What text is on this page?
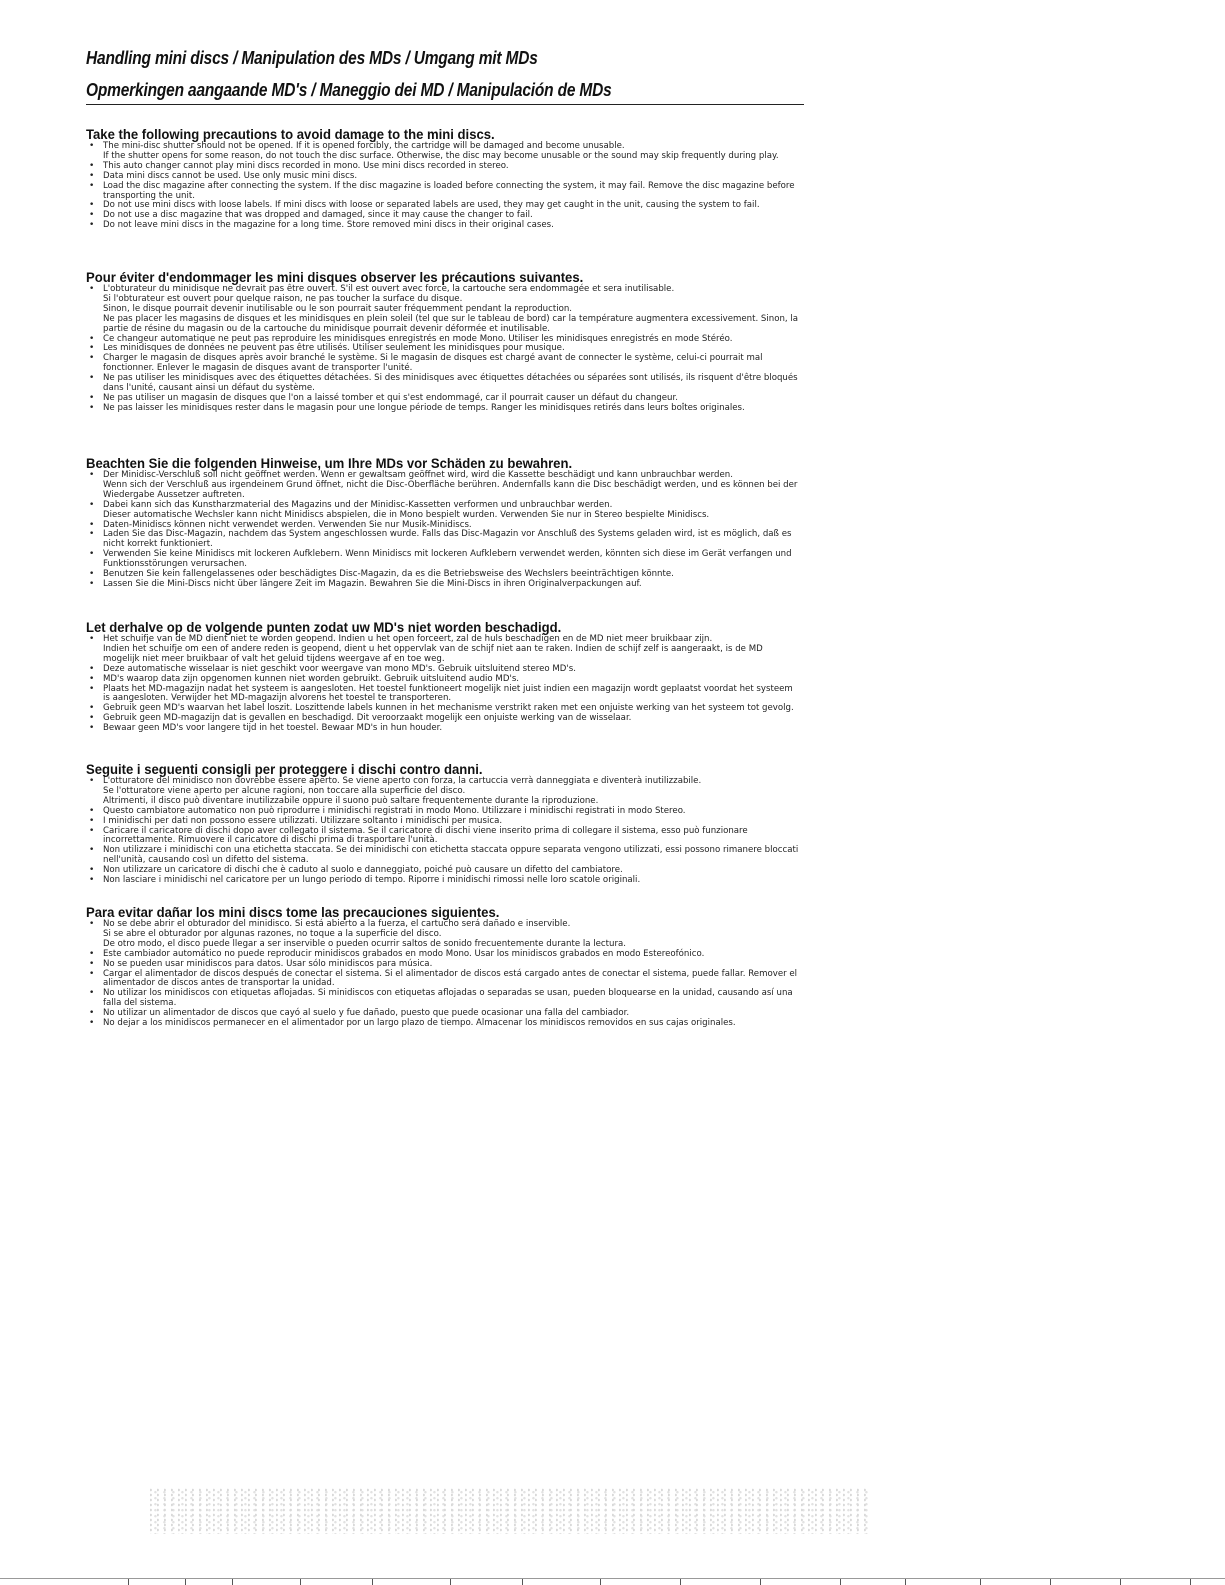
Handling mini discs / Manipulation des MDs / Umgang mit MDs
Opmerkingen aangaande MD's / Maneggio dei MD / Manipulación de MDs
Take the following precautions to avoid damage to the mini discs.
• The mini-disc shutter should not be opened. If it is opened forcibly, the cartridge will be damaged and become unusable.
If the shutter opens for some reason, do not touch the disc surface. Otherwise, the disc may become unusable or the sound may skip frequently during play.
• This auto changer cannot play mini discs recorded in mono. Use mini discs recorded in stereo.
• Data mini discs cannot be used. Use only music mini discs.
• Load the disc magazine after connecting the system. If the disc magazine is loaded before connecting the system, it may fail. Remove the disc magazine before transporting the unit.
• Do not use mini discs with loose labels. If mini discs with loose or separated labels are used, they may get caught in the unit, causing the system to fail.
• Do not use a disc magazine that was dropped and damaged, since it may cause the changer to fail.
• Do not leave mini discs in the magazine for a long time. Store removed mini discs in their original cases.
Pour éviter d'endommager les mini disques observer les précautions suivantes.
• L'obturateur du minidisque ne devrait pas être ouvert. S'il est ouvert avec force, la cartouche sera endommagée et sera inutilisable.
Si l'obturateur est ouvert pour quelque raison, ne pas toucher la surface du disque.
Sinon, le disque pourrait devenir inutilisable ou le son pourrait sauter fréquemment pendant la reproduction.
Ne pas placer les magasins de disques et les minidisques en plein soleil (tel que sur le tableau de bord) car la température augmentera excessivement. Sinon, la partie de résine du magasin ou de la cartouche du minidisque pourrait devenir déformée et inutilisable.
• Ce changeur automatique ne peut pas reproduire les minidisques enregistrés en mode Mono. Utiliser les minidisques enregistrés en mode Stéréo.
• Les minidisques de données ne peuvent pas être utilisés. Utiliser seulement les minidisques pour musique.
• Charger le magasin de disques après avoir branché le système. Si le magasin de disques est chargé avant de connecter le système, celui-ci pourrait mal fonctionner. Enlever le magasin de disques avant de transporter l'unité.
• Ne pas utiliser les minidisques avec des étiquettes détachées. Si des minidisques avec étiquettes détachées ou séparées sont utilisés, ils risquent d'être bloqués dans l'unité, causant ainsi un défaut du système.
• Ne pas utiliser un magasin de disques que l'on a laissé tomber et qui s'est endommagé, car il pourrait causer un défaut du changeur.
• Ne pas laisser les minidisques rester dans le magasin pour une longue période de temps. Ranger les minidisques retirés dans leurs boîtes originales.
Beachten Sie die folgenden Hinweise, um Ihre MDs vor Schäden zu bewahren.
• Der Minidisc-Verschluß soll nicht geöffnet werden. Wenn er gewaltsam geöffnet wird, wird die Kassette beschädigt und kann unbrauchbar werden.
Wenn sich der Verschluß aus irgendeinem Grund öffnet, nicht die Disc-Oberfläche berühren. Andernfalls kann die Disc beschädigt werden, und es können bei der Wiedergabe Aussetzer auftreten.
• Dabei kann sich das Kunstharzmaterial des Magazins und der Minidisc-Kassetten verformen und unbrauchbar werden.
Dieser automatische Wechsler kann nicht Minidiscs abspielen, die in Mono bespielt wurden. Verwenden Sie nur in Stereo bespielte Minidiscs.
• Daten-Minidiscs können nicht verwendet werden. Verwenden Sie nur Musik-Minidiscs.
• Laden Sie das Disc-Magazin, nachdem das System angeschlossen wurde. Falls das Disc-Magazin vor Anschluß des Systems geladen wird, ist es möglich, daß es nicht korrekt funktioniert.
• Verwenden Sie keine Minidiscs mit lockeren Aufklebern. Wenn Minidiscs mit lockeren Aufklebern verwendet werden, könnten sich diese im Gerät verfangen und Funktionsstörungen verursachen.
• Benutzen Sie kein fallengelassenes oder beschädigtes Disc-Magazin, da es die Betriebsweise des Wechslers beeinträchtigen könnte.
• Lassen Sie die Mini-Discs nicht über längere Zeit im Magazin. Bewahren Sie die Mini-Discs in ihren Originalverpackungen auf.
Let derhalve op de volgende punten zodat uw MD's niet worden beschadigd.
• Het schuifje van de MD dient niet te worden geopend. Indien u het open forceert, zal de huls beschadigen en de MD niet meer bruikbaar zijn.
Indien het schuifje om een of andere reden is geopend, dient u het oppervlak van de schijf niet aan te raken. Indien de schijf zelf is aangeraakt, is de MD mogelijk niet meer bruikbaar of valt het geluid tijdens weergave af en toe weg.
• Deze automatische wisselaar is niet geschikt voor weergave van mono MD's. Gebruik uitsluitend stereo MD's.
• MD's waarop data zijn opgenomen kunnen niet worden gebruikt. Gebruik uitsluitend audio MD's.
• Plaats het MD-magazijn nadat het systeem is aangesloten. Het toestel funktioneert mogelijk niet juist indien een magazijn wordt geplaatst voordat het systeem is aangesloten. Verwijder het MD-magazijn alvorens het toestel te transporteren.
• Gebruik geen MD's waarvan het label loszit. Loszittende labels kunnen in het mechanisme verstrikt raken met een onjuiste werking van het systeem tot gevolg.
• Gebruik geen MD-magazijn dat is gevallen en beschadigd. Dit veroorzaakt mogelijk een onjuiste werking van de wisselaar.
• Bewaar geen MD's voor langere tijd in het toestel. Bewaar MD's in hun houder.
Seguite i seguenti consigli per proteggere i dischi contro danni.
• L'otturatore del minidisco non dovrebbe essere aperto. Se viene aperto con forza, la cartuccia verrà danneggiata e diventerà inutilizzabile.
Se l'otturatore viene aperto per alcune ragioni, non toccare alla superficie del disco.
Altrimenti, il disco può diventare inutilizzabile oppure il suono può saltare frequentemente durante la riproduzione.
• Questo cambiatore automatico non può riprodurre i minidischi registrati in modo Mono. Utilizzare i minidischi registrati in modo Stereo.
• I minidischi per dati non possono essere utilizzati. Utilizzare soltanto i minidischi per musica.
• Caricare il caricatore di dischi dopo aver collegato il sistema. Se il caricatore di dischi viene inserito prima di collegare il sistema, esso può funzionare incorrettamente. Rimuovere il caricatore di dischi prima di trasportare l'unità.
• Non utilizzare i minidischi con una etichetta staccata. Se dei minidischi con etichetta staccata oppure separata vengono utilizzati, essi possono rimanere bloccati nell'unità, causando così un difetto del sistema.
• Non utilizzare un caricatore di dischi che è caduto al suolo e danneggiato, poiché può causare un difetto del cambiatore.
• Non lasciare i minidischi nel caricatore per un lungo periodo di tempo. Riporre i minidischi rimossi nelle loro scatole originali.
Para evitar dañar los mini discs tome las precauciones siguientes.
• No se debe abrir el obturador del minidisco. Si está abierto a la fuerza, el cartucho será dañado e inservible.
Si se abre el obturador por algunas razones, no toque a la superficie del disco.
De otro modo, el disco puede llegar a ser inservible o pueden ocurrir saltos de sonido frecuentemente durante la lectura.
• Este cambiador automático no puede reproducir minidiscos grabados en modo Mono. Usar los minidiscos grabados en modo Estereofónico.
• No se pueden usar minidiscos para datos. Usar sólo minidiscos para música.
• Cargar el alimentador de discos después de conectar el sistema. Si el alimentador de discos está cargado antes de conectar el sistema, puede fallar. Remover el alimentador de discos antes de transportar la unidad.
• No utilizar los minidiscos con etiquetas aflojadas. Si minidiscos con etiquetas aflojadas o separadas se usan, pueden bloquearse en la unidad, causando así una falla del sistema.
• No utilizar un alimentador de discos que cayó al suelo y fue dañado, puesto que puede ocasionar una falla del cambiador.
• No dejar a los minidiscos permanecer en el alimentador por un largo plazo de tiempo. Almacenar los minidiscos removidos en sus cajas originales.
